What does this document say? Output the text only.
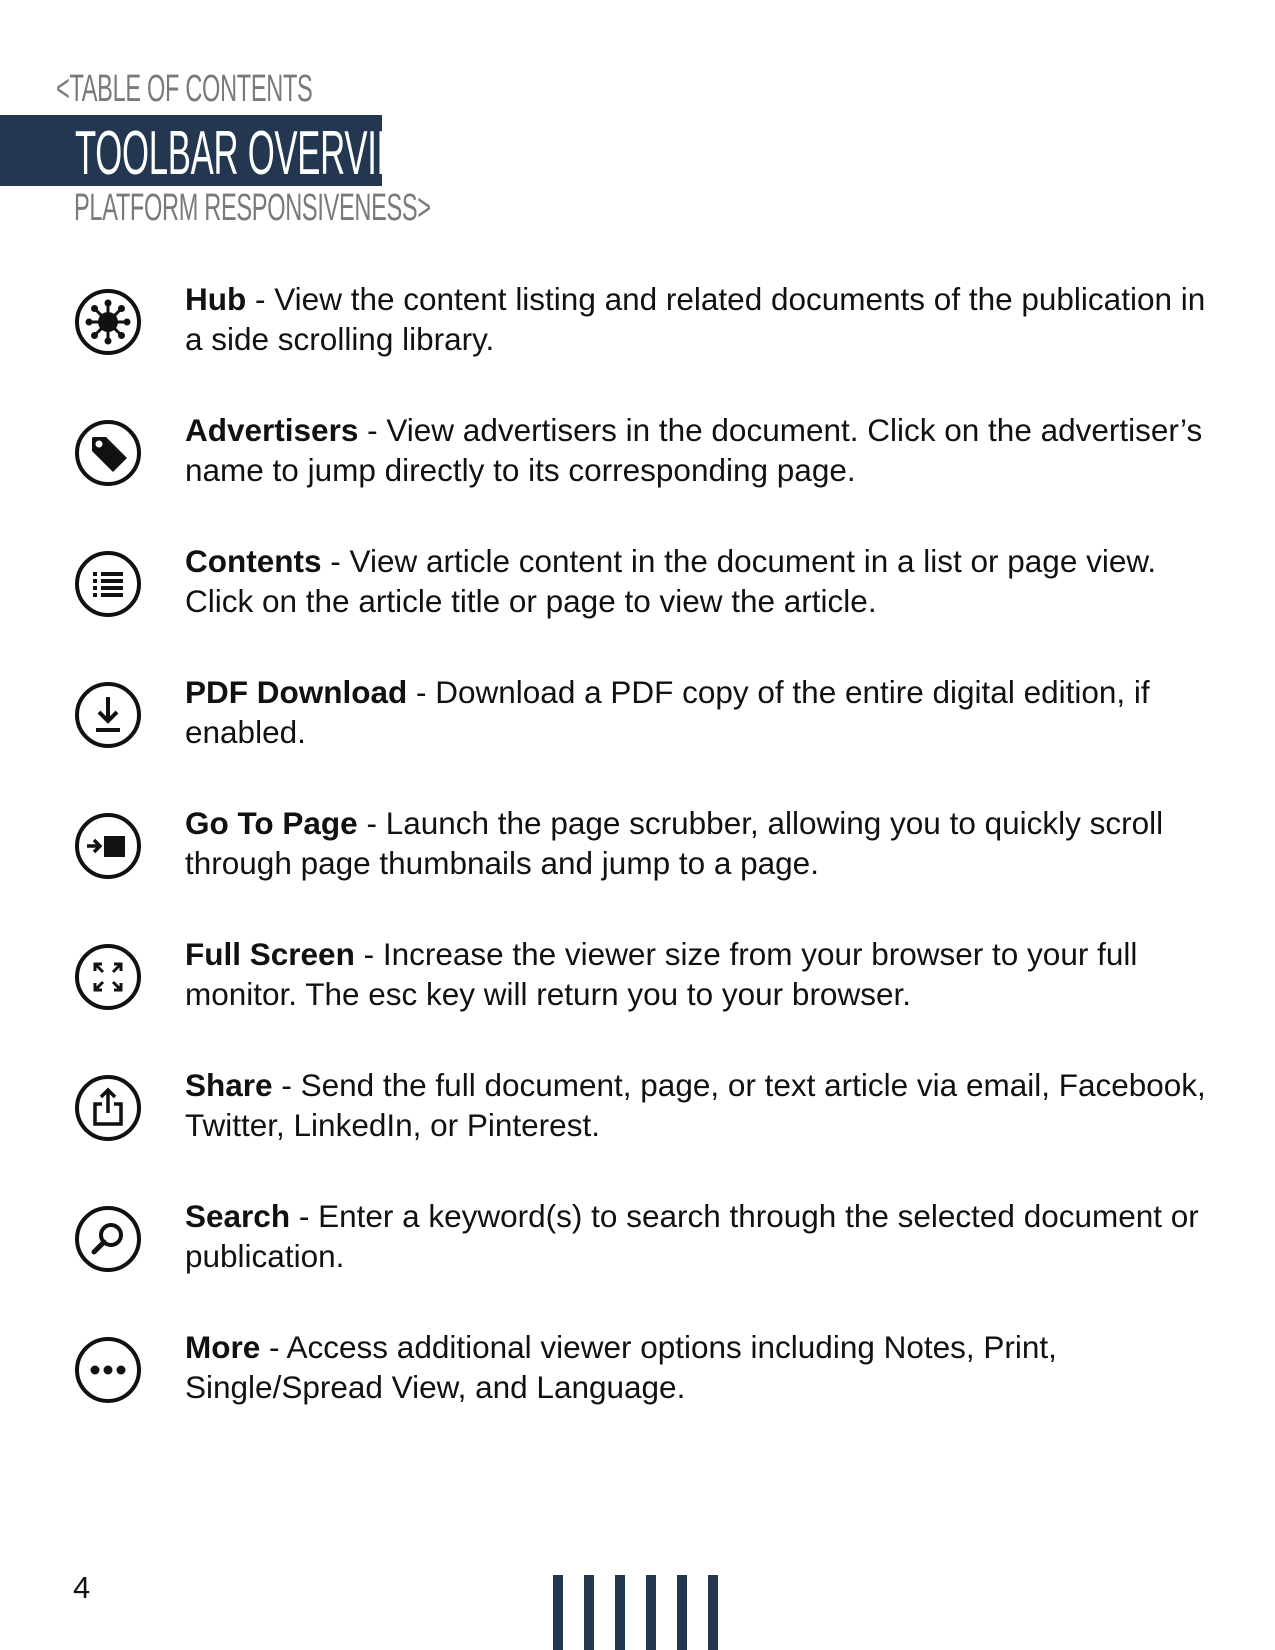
<TABLE OF CONTENTS
TOOLBAR OVERVIEW
PLATFORM RESPONSIVENESS>
Hub - View the content listing and related documents of the publication in a side scrolling library.
Advertisers - View advertisers in the document. Click on the advertiser’s name to jump directly to its corresponding page.
Contents - View article content in the document in a list or page view. Click on the article title or page to view the article.
PDF Download - Download a PDF copy of the entire digital edition, if enabled.
Go To Page - Launch the page scrubber, allowing you to quickly scroll through page thumbnails and jump to a page.
Full Screen - Increase the viewer size from your browser to your full monitor. The esc key will return you to your browser.
Share - Send the full document, page, or text article via email, Facebook, Twitter, LinkedIn, or Pinterest.
Search - Enter a keyword(s) to search through the selected document or publication.
More - Access additional viewer options including Notes, Print, Single/Spread View, and Language.
4
